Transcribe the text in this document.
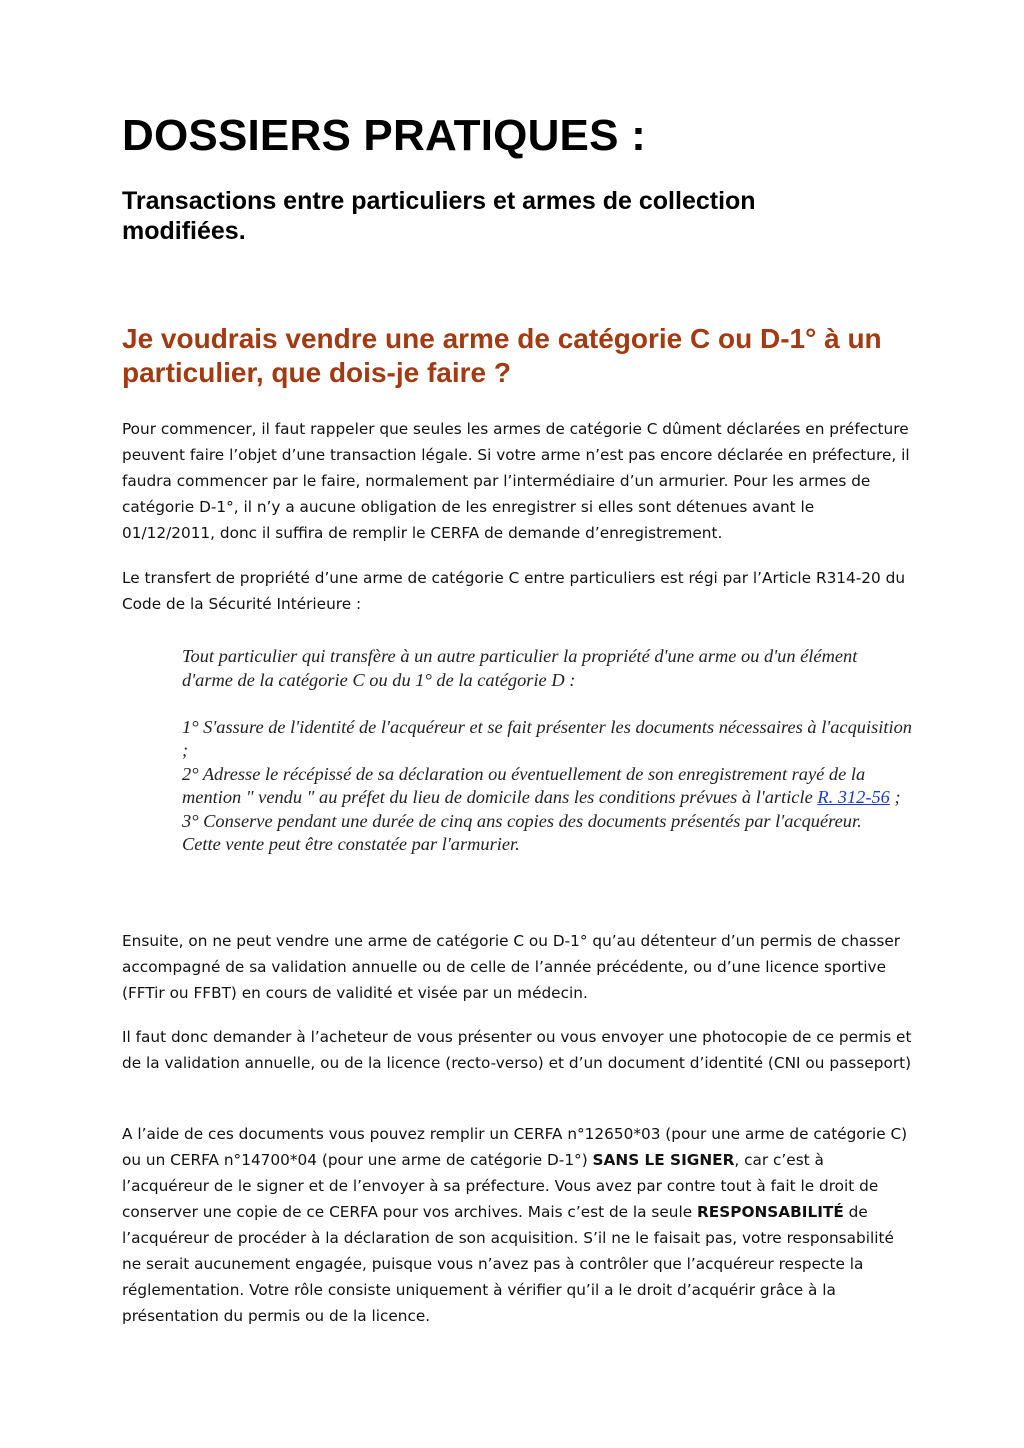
DOSSIERS PRATIQUES :
Transactions entre particuliers et armes de collection modifiées.
Je voudrais vendre une arme de catégorie C ou D-1° à un particulier, que dois-je faire ?

Pour commencer, il faut rappeler que seules les armes de catégorie C dûment déclarées en préfecture peuvent faire l’objet d’une transaction légale. Si votre arme n’est pas encore déclarée en préfecture, il faudra commencer par le faire, normalement par l’intermédiaire d’un armurier. Pour les armes de catégorie D-1°, il n’y a aucune obligation de les enregistrer si elles sont détenues avant le 01/12/2011, donc il suffira de remplir le CERFA de demande d’enregistrement.

Le transfert de propriété d’une arme de catégorie C entre particuliers est régi par l’Article R314-20 du Code de la Sécurité Intérieure :

Tout particulier qui transfère à un autre particulier la propriété d'une arme ou d'un élément d'arme de la catégorie C ou du 1° de la catégorie D :
1° S'assure de l'identité de l'acquéreur et se fait présenter les documents nécessaires à l'acquisition ;
2° Adresse le récépissé de sa déclaration ou éventuellement de son enregistrement rayé de la mention " vendu " au préfet du lieu de domicile dans les conditions prévues à l'article R. 312-56 ;
3° Conserve pendant une durée de cinq ans copies des documents présentés par l'acquéreur.
Cette vente peut être constatée par l'armurier.

Ensuite, on ne peut vendre une arme de catégorie C ou D-1° qu’au détenteur d’un permis de chasser accompagné de sa validation annuelle ou de celle de l’année précédente, ou d’une licence sportive (FFTir ou FFBT) en cours de validité et visée par un médecin.

Il faut donc demander à l’acheteur de vous présenter ou vous envoyer une photocopie de ce permis et de la validation annuelle, ou de la licence (recto-verso) et d’un document d’identité (CNI ou passeport)

A l’aide de ces documents vous pouvez remplir un CERFA n°12650*03 (pour une arme de catégorie C) ou un CERFA n°14700*04 (pour une arme de catégorie D-1°) SANS LE SIGNER, car c’est à l’acquéreur de le signer et de l’envoyer à sa préfecture. Vous avez par contre tout à fait le droit de conserver une copie de ce CERFA pour vos archives. Mais c’est de la seule RESPONSABILITÉ de l’acquéreur de procéder à la déclaration de son acquisition. S’il ne le faisait pas, votre responsabilité ne serait aucunement engagée, puisque vous n’avez pas à contrôler que l’acquéreur respecte la réglementation. Votre rôle consiste uniquement à vérifier qu’il a le droit d’acquérir grâce à la présentation du permis ou de la licence.
